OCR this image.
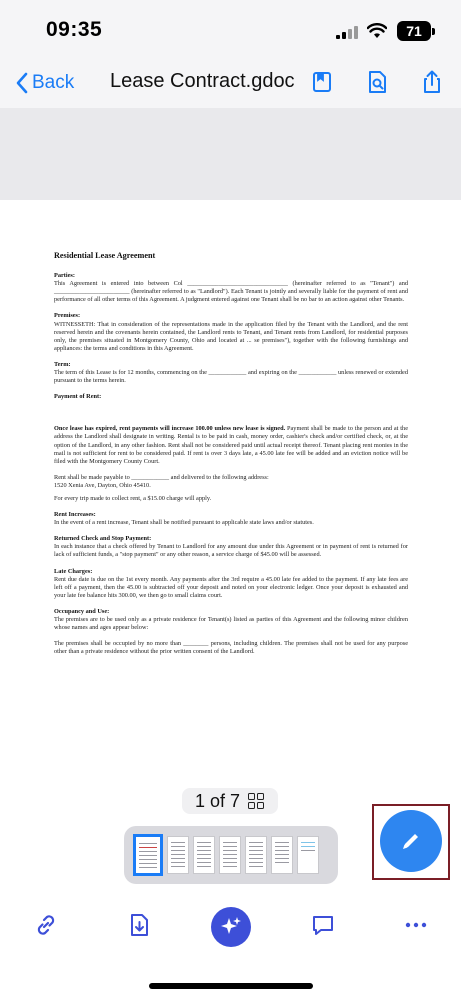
09:35	71
Back Lease Contract.gdoc
Residential Lease Agreement
Parties:
This Agreement is entered into between Col ________________________________ (hereinafter referred to as "Tenant") and ________________________ (hereinafter referred to as "Landlord"). Each Tenant is jointly and severally liable for the payment of rent and performance of all other terms of this Agreement. A judgment entered against one Tenant shall be no bar to an action against other Tenants.
Premises:
WITNESSETH: That in consideration of the representations made in the application filed by the Tenant with the Landlord, and the rent reserved herein and the covenants herein contained, the Landlord rents to Tenant, and Tenant rents from Landlord, for residential purposes only, the premises situated in Montgomery County, Ohio and located at ... se premises"), together with the following furnishings and appliances: the terms and conditions in this Agreement.
Term:
The term of this Lease is for 12 months, commencing on the ____________ and expiring on the ____________ unless renewed or extended pursuant to the terms herein.
Payment of Rent:
Once lease has expired, rent payments will increase 100.00 unless new lease is signed. Payment shall be made to the person and at the address the Landlord shall designate in writing. Rental is to be paid in cash, money order, cashier's check and/or certified check, or, at the option of the Landlord, in any other fashion. Rent shall not be considered paid until actual receipt thereof. Tenant placing rent monies in the mail is not sufficient for rent to be considered paid. If rent is over 3 days late, a 45.00 late fee will be added and an eviction notice will be filed with the Montgomery County Court.
Rent shall be made payable to ____________ and delivered to the following address:
1520 Xenia Ave, Dayton, Ohio 45410.
For every trip made to collect rent, a $15.00 charge will apply.
Rent Increases:
In the event of a rent increase, Tenant shall be notified pursuant to applicable state laws and/or statutes.
Returned Check and Stop Payment:
In each instance that a check offered by Tenant to Landlord for any amount due under this Agreement or in payment of rent is returned for lack of sufficient funds, a "stop payment" or any other reason, a service charge of $45.00 will be assessed.
Late Charges:
Rent due date is due on the 1st every month. Any payments after the 3rd require a 45.00 late fee added to the payment. If any late fees are left off a payment, then the 45.00 is subtracted off your deposit and noted on your electronic ledger. Once your deposit is exhausted and your late fee balance hits 300.00, we then go to small claims court.
Occupancy and Use:
The premises are to be used only as a private residence for Tenant(s) listed as parties of this Agreement and the following minor children whose names and ages appear below:
The premises shall be occupied by no more than ________ persons, including children. The premises shall not be used for any purpose other than a private residence without the prior written consent of the Landlord.
1 of 7
